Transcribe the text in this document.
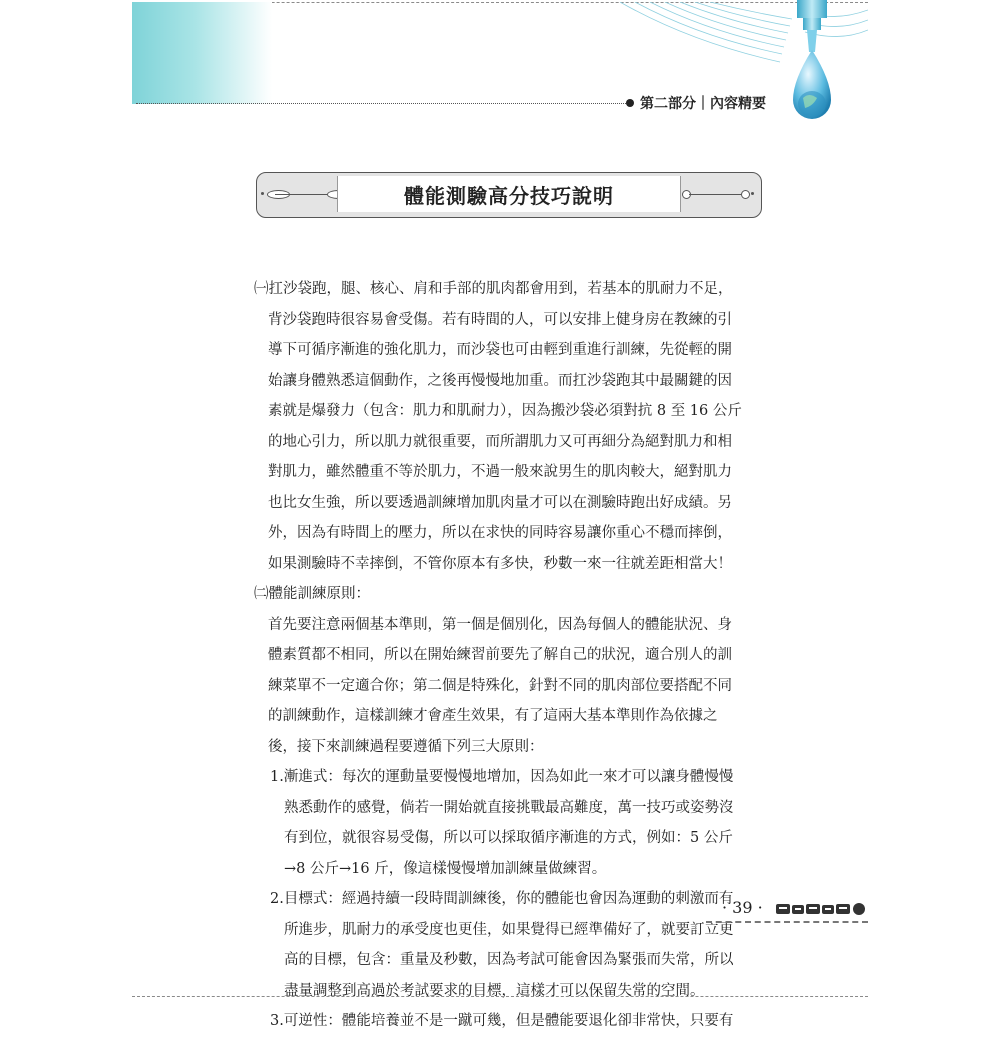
第二部分｜內容精要
體能測驗高分技巧說明
㈠扛沙袋跑，腿、核心、肩和手部的肌肉都會用到，若基本的肌耐力不足，
背沙袋跑時很容易會受傷。若有時間的人，可以安排上健身房在教練的引
導下可循序漸進的強化肌力，而沙袋也可由輕到重進行訓練，先從輕的開
始讓身體熟悉這個動作，之後再慢慢地加重。而扛沙袋跑其中最關鍵的因
素就是爆發力（包含：肌力和肌耐力），因為搬沙袋必須對抗 8 至 16 公斤
的地心引力，所以肌力就很重要，而所謂肌力又可再細分為絕對肌力和相
對肌力，雖然體重不等於肌力，不過一般來說男生的肌肉較大，絕對肌力
也比女生強，所以要透過訓練增加肌肉量才可以在測驗時跑出好成績。另
外，因為有時間上的壓力，所以在求快的同時容易讓你重心不穩而摔倒，
如果測驗時不幸摔倒，不管你原本有多快，秒數一來一往就差距相當大！
㈡體能訓練原則：
首先要注意兩個基本準則，第一個是個別化，因為每個人的體能狀況、身
體素質都不相同，所以在開始練習前要先了解自己的狀況，適合別人的訓
練菜單不一定適合你；第二個是特殊化，針對不同的肌肉部位要搭配不同
的訓練動作，這樣訓練才會產生效果，有了這兩大基本準則作為依據之
後，接下來訓練過程要遵循下列三大原則：
1.漸進式：每次的運動量要慢慢地增加，因為如此一來才可以讓身體慢慢
熟悉動作的感覺，倘若一開始就直接挑戰最高難度，萬一技巧或姿勢沒
有到位，就很容易受傷，所以可以採取循序漸進的方式，例如：5 公斤
→8 公斤→16 斤，像這樣慢慢增加訓練量做練習。
2.目標式：經過持續一段時間訓練後，你的體能也會因為運動的刺激而有
所進步，肌耐力的承受度也更佳，如果覺得已經準備好了，就要訂立更
高的目標，包含：重量及秒數，因為考試可能會因為緊張而失常，所以
盡量調整到高過於考試要求的目標，這樣才可以保留失常的空間。
3.可逆性：體能培養並不是一蹴可幾，但是體能要退化卻非常快，只要有
· 39 ·
